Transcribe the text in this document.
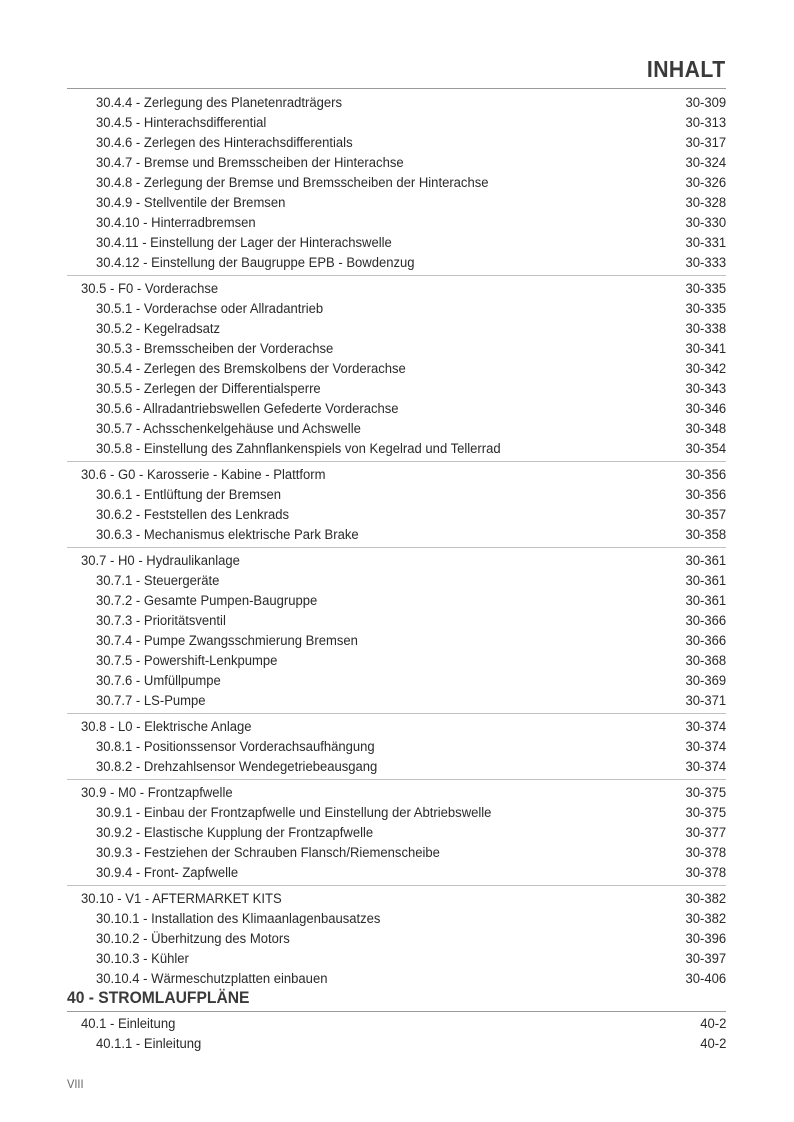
INHALT
30.4.4 - Zerlegung des Planetenradträgers	30-309
30.4.5 - Hinterachsdifferential	30-313
30.4.6 - Zerlegen des Hinterachsdifferentials	30-317
30.4.7 - Bremse und Bremsscheiben der Hinterachse	30-324
30.4.8 - Zerlegung der Bremse und Bremsscheiben der Hinterachse	30-326
30.4.9 - Stellventile der Bremsen	30-328
30.4.10 - Hinterradbremsen	30-330
30.4.11 - Einstellung der Lager der Hinterachswelle	30-331
30.4.12 - Einstellung der Baugruppe EPB - Bowdenzug	30-333
30.5 - F0 - Vorderachse	30-335
30.5.1 - Vorderachse oder Allradantrieb	30-335
30.5.2 - Kegelradsatz	30-338
30.5.3 - Bremsscheiben der Vorderachse	30-341
30.5.4 - Zerlegen des Bremskolbens der Vorderachse	30-342
30.5.5 - Zerlegen der Differentialsperre	30-343
30.5.6 - Allradantriebswellen Gefederte Vorderachse	30-346
30.5.7 - Achsschenkelgehäuse und Achswelle	30-348
30.5.8 - Einstellung des Zahnflankenspiels von Kegelrad und Tellerrad	30-354
30.6 - G0 - Karosserie - Kabine - Plattform	30-356
30.6.1 - Entlüftung der Bremsen	30-356
30.6.2 - Feststellen des Lenkrads	30-357
30.6.3 - Mechanismus elektrische Park Brake	30-358
30.7 - H0 - Hydraulikanlage	30-361
30.7.1 - Steuergeräte	30-361
30.7.2 - Gesamte Pumpen-Baugruppe	30-361
30.7.3 - Prioritätsventil	30-366
30.7.4 - Pumpe Zwangsschmierung Bremsen	30-366
30.7.5 - Powershift-Lenkpumpe	30-368
30.7.6 - Umfüllpumpe	30-369
30.7.7 - LS-Pumpe	30-371
30.8 - L0 - Elektrische Anlage	30-374
30.8.1 - Positionssensor Vorderachsaufhängung	30-374
30.8.2 - Drehzahlsensor Wendegetriebeausgang	30-374
30.9 - M0 - Frontzapfwelle	30-375
30.9.1 - Einbau der Frontzapfwelle und Einstellung der Abtriebswelle	30-375
30.9.2 - Elastische Kupplung der Frontzapfwelle	30-377
30.9.3 - Festziehen der Schrauben Flansch/Riemenscheibe	30-378
30.9.4 - Front- Zapfwelle	30-378
30.10 - V1 - AFTERMARKET KITS	30-382
30.10.1 - Installation des Klimaanlagenbausatzes	30-382
30.10.2 - Überhitzung des Motors	30-396
30.10.3 - Kühler	30-397
30.10.4 - Wärmeschutzplatten einbauen	30-406
40 - STROMLAUFPLÄNE
40.1 - Einleitung	40-2
40.1.1 - Einleitung	40-2
VIII
